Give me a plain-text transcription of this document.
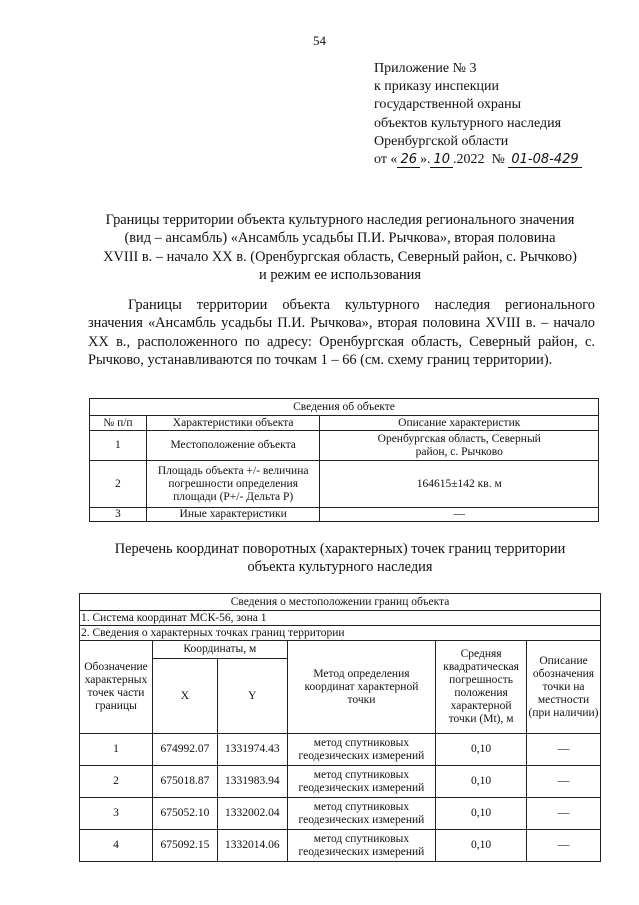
54
Приложение № 3
к приказу инспекции
государственной охраны
объектов культурного наследия
Оренбургской области
от « 26 ». 10 .2022 № 01-08-429
Границы территории объекта культурного наследия регионального значения
(вид – ансамбль) «Ансамбль усадьбы П.И. Рычкова», вторая половина
XVIII в. – начало XX в. (Оренбургская область, Северный район, с. Рычково)
и режим ее использования
Границы территории объекта культурного наследия регионального значения «Ансамбль усадьбы П.И. Рычкова», вторая половина XVIII в. – начало XX в., расположенного по адресу: Оренбургская область, Северный район, с. Рычково, устанавливаются по точкам 1 – 66 (см. схему границ территории).
Сведения об объекте		
№ п/п	Характеристики объекта	Описание характеристик
1	Местоположение объекта	Оренбургская область, Северный район, с. Рычково
2	Площадь объекта +/- величина погрешности определения площади (P+/- Дельта P)	164615±142 кв. м
3	Иные характеристики	—
Перечень координат поворотных (характерных) точек границ территории
объекта культурного наследия
Сведения о местоположении границ объекта					
1. Система координат МСК-56, зона 1					
2. Сведения о характерных точках границ территории					
Обозначение характерных точек части границы	Координаты, м		Метод определения координат характерной точки	Средняя квадратическая погрешность положения характерной точки (Mt), м	Описание обозначения точки на местности (при наличии)
	X	Y			
1	674992.07	1331974.43	метод спутниковых геодезических измерений	0,10	—
2	675018.87	1331983.94	метод спутниковых геодезических измерений	0,10	—
3	675052.10	1332002.04	метод спутниковых геодезических измерений	0,10	—
4	675092.15	1332014.06	метод спутниковых геодезических измерений	0,10	—
